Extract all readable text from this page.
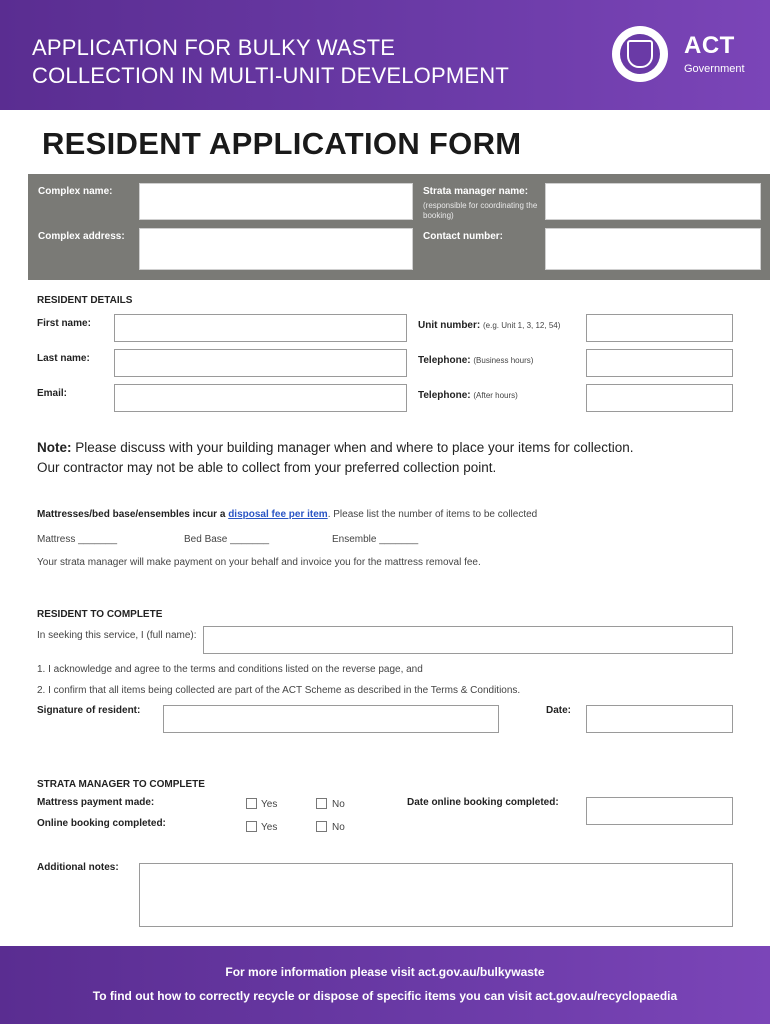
APPLICATION FOR BULKY WASTE
COLLECTION IN MULTI-UNIT DEVELOPMENT
ACT
Government
RESIDENT APPLICATION FORM
Complex name:
Complex address:
Strata manager name:
(responsible for coordinating the booking)
Contact number:
RESIDENT DETAILS
First name:
Last name:
Email:
Unit number: (e.g. Unit 1, 3, 12, 54)
Telephone: (Business hours)
Telephone: (After hours)
Note: Please discuss with your building manager when and where to place your items for collection.
Our contractor may not be able to collect from your preferred collection point.
Mattresses/bed base/ensembles incur a disposal fee per item. Please list the number of items to be collected
Mattress _______	Bed Base _______	Ensemble _______
Your strata manager will make payment on your behalf and invoice you for the mattress removal fee.
RESIDENT TO COMPLETE
In seeking this service, I (full name):
1. I acknowledge and agree to the terms and conditions listed on the reverse page, and
2. I confirm that all items being collected are part of the ACT Scheme as described in the Terms & Conditions.
Signature of resident:	Date:
STRATA MANAGER TO COMPLETE
Mattress payment made:	Yes	No
Online booking completed:	Yes	No
Date online booking completed:
Additional notes:
For more information please visit act.gov.au/bulkywaste
To find out how to correctly recycle or dispose of specific items you can visit act.gov.au/recyclopaedia
